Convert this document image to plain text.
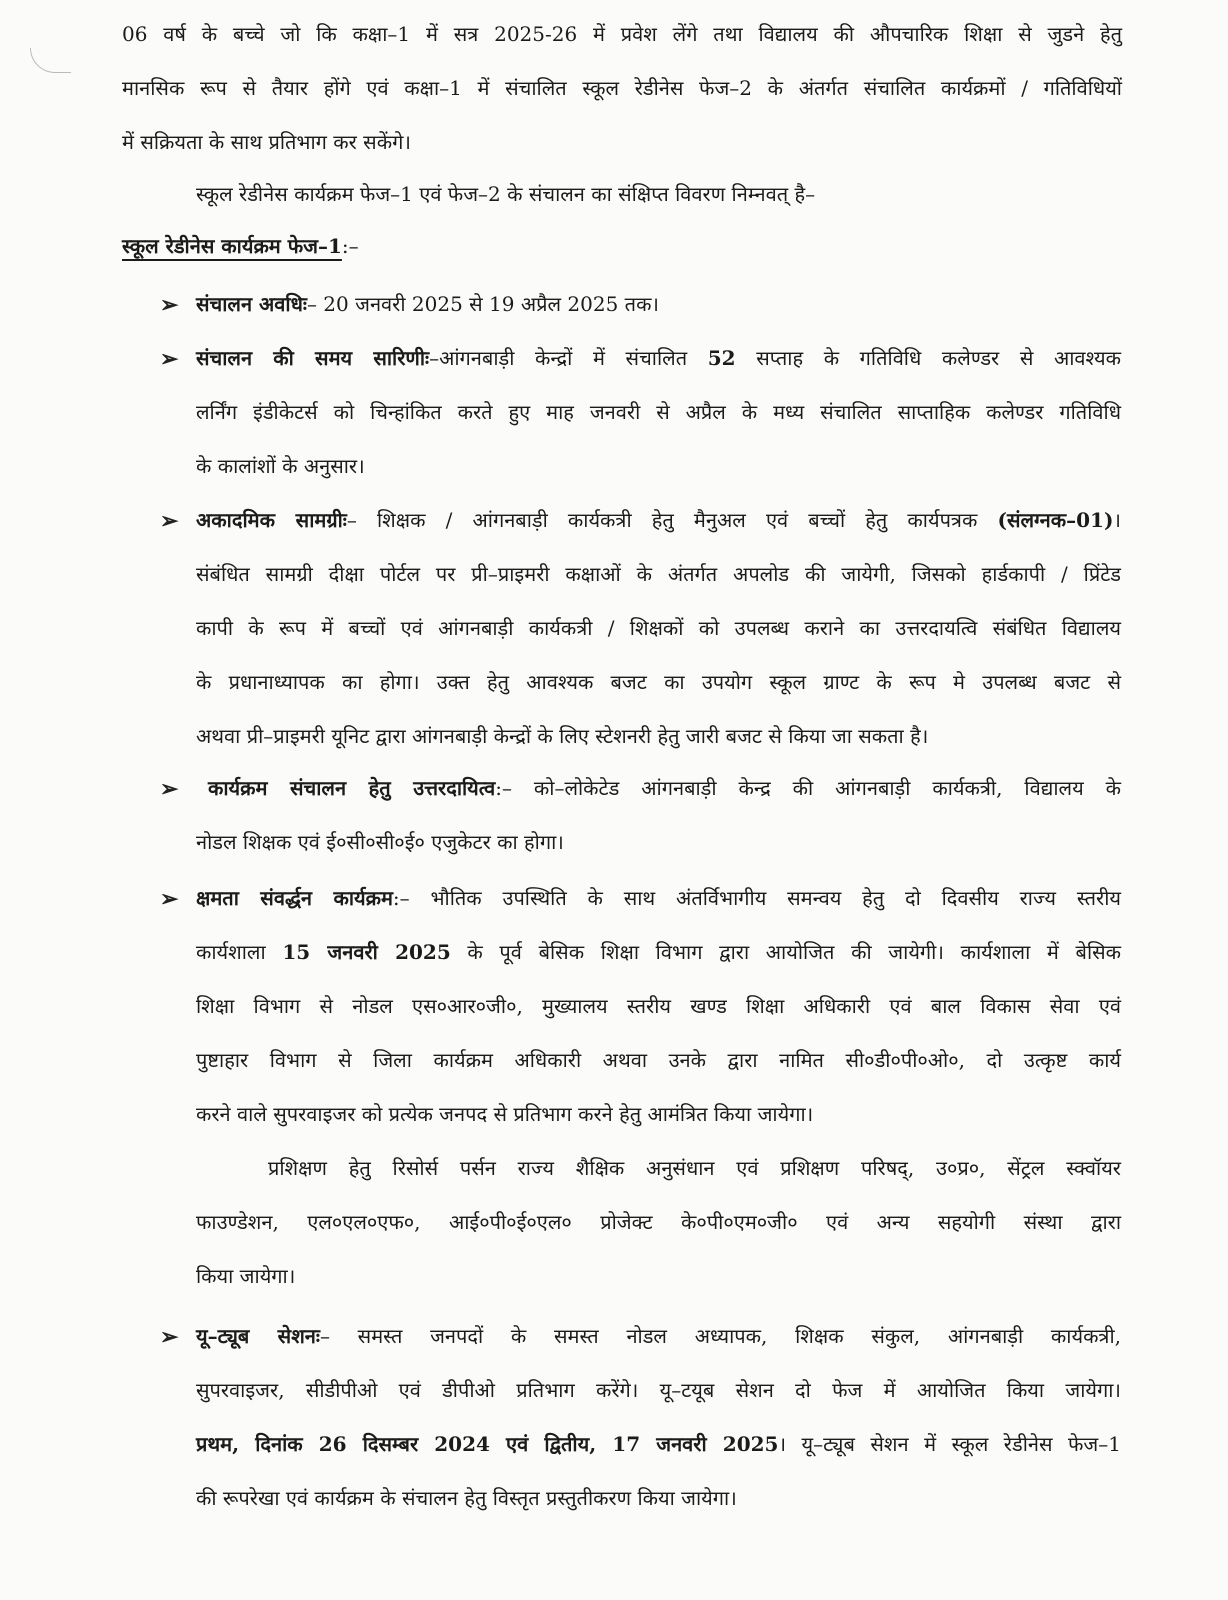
06 वर्ष के बच्चे जो कि कक्षा–1 में सत्र 2025-26 में प्रवेश लेंगे तथा विद्यालय की औपचारिक शिक्षा से जुडने हेतु
मानसिक रूप से तैयार होंगे एवं कक्षा–1 में संचालित स्कूल रेडीनेस फेज–2 के अंतर्गत संचालित कार्यक्रमों / गतिविधियों
में सक्रियता के साथ प्रतिभाग कर सकेंगे।
स्कूल रेडीनेस कार्यक्रम फेज–1 एवं फेज–2 के संचालन का संक्षिप्त विवरण निम्नवत् है–
स्कूल रेडीनेस कार्यक्रम फेज–1:–
➢ संचालन अवधिः– 20 जनवरी 2025 से 19 अप्रैल 2025 तक।
➢ संचालन की समय सारिणीः–आंगनबाड़ी केन्द्रों में संचालित 52 सप्ताह के गतिविधि कलेण्डर से आवश्यक
लर्निंग इंडीकेटर्स को चिन्हांकित करते हुए माह जनवरी से अप्रैल के मध्य संचालित साप्ताहिक कलेण्डर गतिविधि
के कालांशों के अनुसार।
➢ अकादमिक सामग्रीः– शिक्षक / आंगनबाड़ी कार्यकत्री हेतु मैनुअल एवं बच्चों हेतु कार्यपत्रक (संलग्नक–01)।
संबंधित सामग्री दीक्षा पोर्टल पर प्री–प्राइमरी कक्षाओं के अंतर्गत अपलोड की जायेगी, जिसको हार्डकापी / प्रिंटेड
कापी के रूप में बच्चों एवं आंगनबाड़ी कार्यकत्री / शिक्षकों को उपलब्ध कराने का उत्तरदायत्वि संबंधित विद्यालय
के प्रधानाध्यापक का होगा। उक्त हेतु आवश्यक बजट का उपयोग स्कूल ग्राण्ट के रूप मे उपलब्ध बजट से
अथवा प्री–प्राइमरी यूनिट द्वारा आंगनबाड़ी केन्द्रों के लिए स्टेशनरी हेतु जारी बजट से किया जा सकता है।
➢ कार्यक्रम संचालन हेतु उत्तरदायित्व:– को–लोकेटेड आंगनबाड़ी केन्द्र की आंगनबाड़ी कार्यकत्री, विद्यालय के
नोडल शिक्षक एवं ई०सी०सी०ई० एजुकेटर का होगा।
➢ क्षमता संवर्द्धन कार्यक्रम:– भौतिक उपस्थिति के साथ अंतर्विभागीय समन्वय हेतु दो दिवसीय राज्य स्तरीय
कार्यशाला 15 जनवरी 2025 के पूर्व बेसिक शिक्षा विभाग द्वारा आयोजित की जायेगी। कार्यशाला में बेसिक
शिक्षा विभाग से नोडल एस०आर०जी०, मुख्यालय स्तरीय खण्ड शिक्षा अधिकारी एवं बाल विकास सेवा एवं
पुष्टाहार विभाग से जिला कार्यक्रम अधिकारी अथवा उनके द्वारा नामित सी०डी०पी०ओ०, दो उत्कृष्ट कार्य
करने वाले सुपरवाइजर को प्रत्येक जनपद से प्रतिभाग करने हेतु आमंत्रित किया जायेगा।
प्रशिक्षण हेतु रिसोर्स पर्सन राज्य शैक्षिक अनुसंधान एवं प्रशिक्षण परिषद्, उ०प्र०, सेंट्रल स्क्वॉयर
फाउण्डेशन, एल०एल०एफ०, आई०पी०ई०एल० प्रोजेक्ट के०पी०एम०जी० एवं अन्य सहयोगी संस्था द्वारा
किया जायेगा।
➢ यू–ट्यूब सेशनः– समस्त जनपदों के समस्त नोडल अध्यापक, शिक्षक संकुल, आंगनबाड़ी कार्यकत्री,
सुपरवाइजर, सीडीपीओ एवं डीपीओ प्रतिभाग करेंगे। यू–टयूब सेशन दो फेज में आयोजित किया जायेगा।
प्रथम, दिनांक 26 दिसम्बर 2024 एवं द्वितीय, 17 जनवरी 2025। यू–ट्यूब सेशन में स्कूल रेडीनेस फेज–1
की रूपरेखा एवं कार्यक्रम के संचालन हेतु विस्तृत प्रस्तुतीकरण किया जायेगा।
